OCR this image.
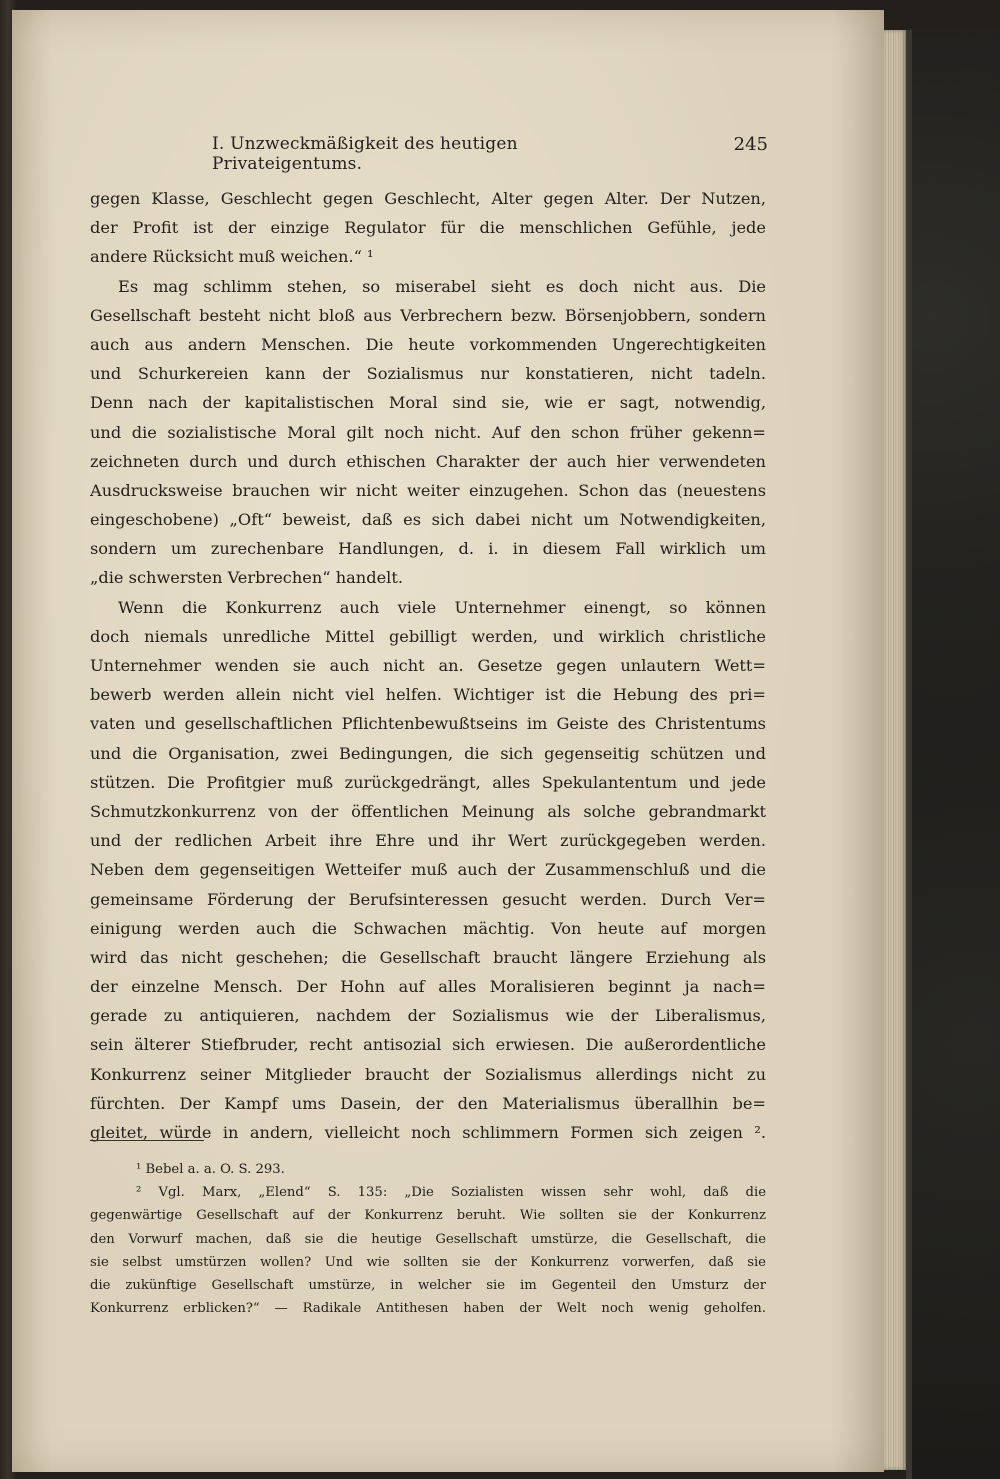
I. Unzweckmäßigkeit des heutigen Privateigentums.
245
gegen Klasse, Geschlecht gegen Geschlecht, Alter gegen Alter. Der Nutzen,
der Profit ist der einzige Regulator für die menschlichen Gefühle, jede
andere Rücksicht muß weichen.“ ¹
Es mag schlimm stehen, so miserabel sieht es doch nicht aus. Die
Gesellschaft besteht nicht bloß aus Verbrechern bezw. Börsenjobbern, sondern
auch aus andern Menschen. Die heute vorkommenden Ungerechtigkeiten
und Schurkereien kann der Sozialismus nur konstatieren, nicht tadeln.
Denn nach der kapitalistischen Moral sind sie, wie er sagt, notwendig,
und die sozialistische Moral gilt noch nicht. Auf den schon früher gekenn=
zeichneten durch und durch ethischen Charakter der auch hier verwendeten
Ausdrucksweise brauchen wir nicht weiter einzugehen. Schon das (neuestens
eingeschobene) „Oft“ beweist, daß es sich dabei nicht um Notwendigkeiten,
sondern um zurechenbare Handlungen, d. i. in diesem Fall wirklich um
„die schwersten Verbrechen“ handelt.
Wenn die Konkurrenz auch viele Unternehmer einengt, so können
doch niemals unredliche Mittel gebilligt werden, und wirklich christliche
Unternehmer wenden sie auch nicht an. Gesetze gegen unlautern Wett=
bewerb werden allein nicht viel helfen. Wichtiger ist die Hebung des pri=
vaten und gesellschaftlichen Pflichtenbewußtseins im Geiste des Christentums
und die Organisation, zwei Bedingungen, die sich gegenseitig schützen und
stützen. Die Profitgier muß zurückgedrängt, alles Spekulantentum und jede
Schmutzkonkurrenz von der öffentlichen Meinung als solche gebrandmarkt
und der redlichen Arbeit ihre Ehre und ihr Wert zurückgegeben werden.
Neben dem gegenseitigen Wetteifer muß auch der Zusammenschluß und die
gemeinsame Förderung der Berufsinteressen gesucht werden. Durch Ver=
einigung werden auch die Schwachen mächtig. Von heute auf morgen
wird das nicht geschehen; die Gesellschaft braucht längere Erziehung als
der einzelne Mensch. Der Hohn auf alles Moralisieren beginnt ja nach=
gerade zu antiquieren, nachdem der Sozialismus wie der Liberalismus,
sein älterer Stiefbruder, recht antisozial sich erwiesen. Die außerordentliche
Konkurrenz seiner Mitglieder braucht der Sozialismus allerdings nicht zu
fürchten. Der Kampf ums Dasein, der den Materialismus überallhin be=
gleitet, würde in andern, vielleicht noch schlimmern Formen sich zeigen ².
¹ Bebel a. a. O. S. 293.
² Vgl. Marx, „Elend“ S. 135: „Die Sozialisten wissen sehr wohl, daß die
gegenwärtige Gesellschaft auf der Konkurrenz beruht. Wie sollten sie der Konkurrenz
den Vorwurf machen, daß sie die heutige Gesellschaft umstürze, die Gesellschaft, die
sie selbst umstürzen wollen? Und wie sollten sie der Konkurrenz vorwerfen, daß sie
die zukünftige Gesellschaft umstürze, in welcher sie im Gegenteil den Umsturz der
Konkurrenz erblicken?“ — Radikale Antithesen haben der Welt noch wenig geholfen.
